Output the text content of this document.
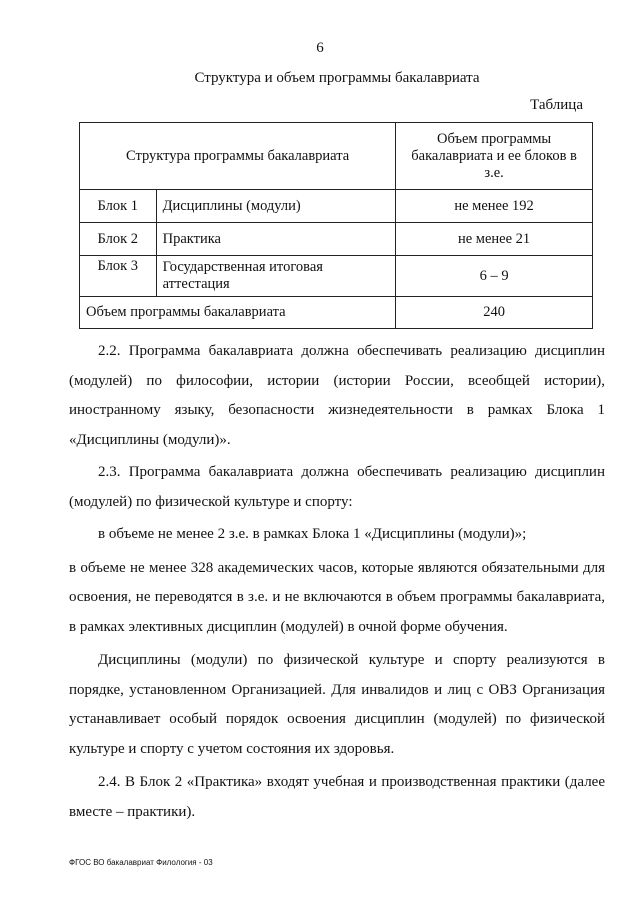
6
Структура и объем программы бакалавриата
Таблица
Структура программы бакалавриата		Объем программы бакалавриата и ее блоков в з.е.
Блок 1	Дисциплины (модули)	не менее 192
Блок 2	Практика	не менее 21
Блок 3	Государственная итоговая аттестация	6 – 9
Объем программы бакалавриата		240

2.2. Программа бакалавриата должна обеспечивать реализацию дисциплин (модулей) по философии, истории (истории России, всеобщей истории), иностранному языку, безопасности жизнедеятельности в рамках Блока 1 «Дисциплины (модули)».

2.3. Программа бакалавриата должна обеспечивать реализацию дисциплин (модулей) по физической культуре и спорту:

в объеме не менее 2 з.е. в рамках Блока 1 «Дисциплины (модули)»;

в объеме не менее 328 академических часов, которые являются обязательными для освоения, не переводятся в з.е. и не включаются в объем программы бакалавриата, в рамках элективных дисциплин (модулей) в очной форме обучения.

Дисциплины (модули) по физической культуре и спорту реализуются в порядке, установленном Организацией. Для инвалидов и лиц с ОВЗ Организация устанавливает особый порядок освоения дисциплин (модулей) по физической культуре и спорту с учетом состояния их здоровья.

2.4. В Блок 2 «Практика» входят учебная и производственная практики (далее вместе – практики).

ФГОС ВО бакалавриат Филология - 03
